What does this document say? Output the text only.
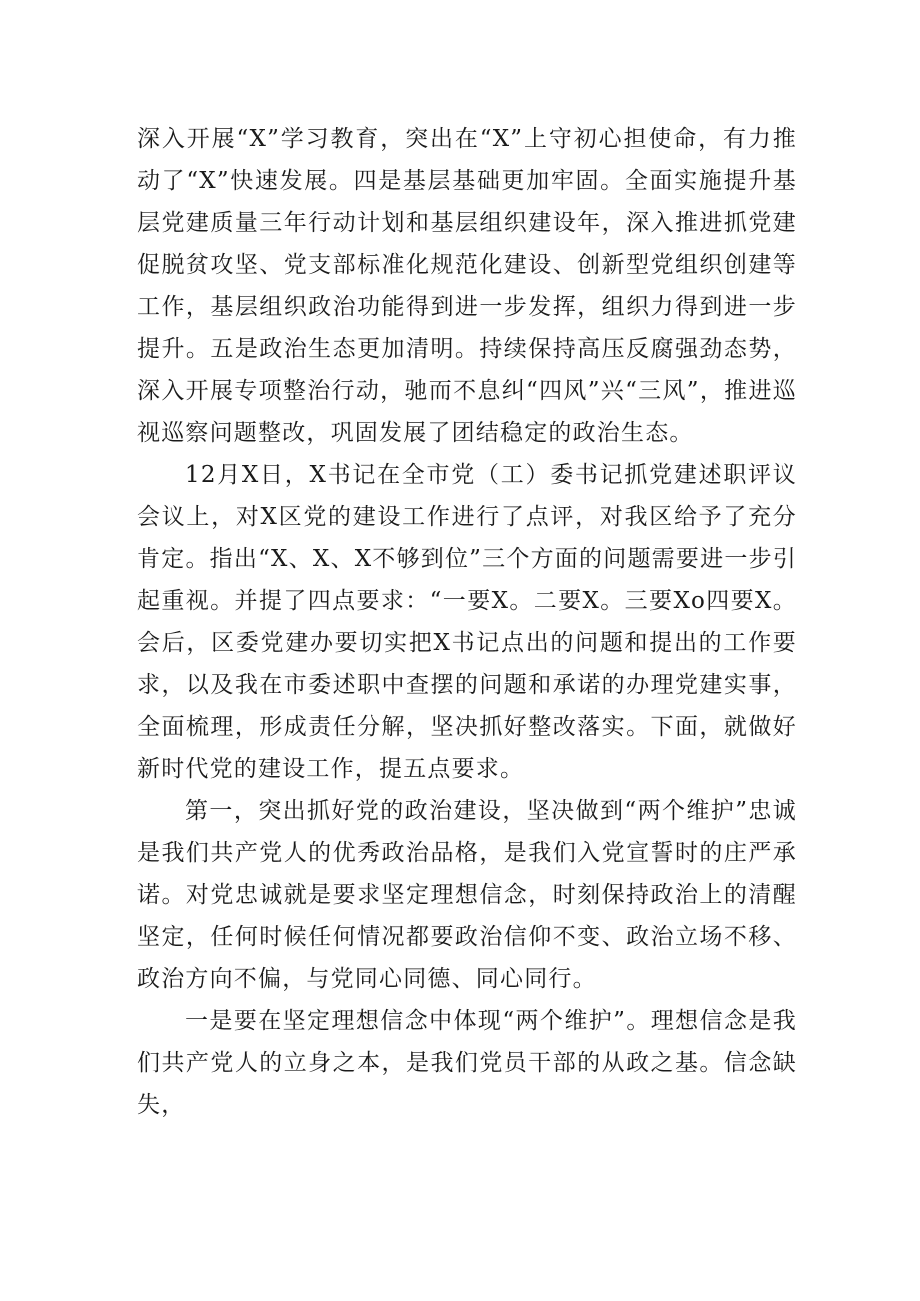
深入开展“X”学习教育，突出在“X”上守初心担使命，有力推动了“X”快速发展。四是基层基础更加牢固。全面实施提升基层党建质量三年行动计划和基层组织建设年，深入推进抓党建促脱贫攻坚、党支部标准化规范化建设、创新型党组织创建等工作，基层组织政治功能得到进一步发挥，组织力得到进一步提升。五是政治生态更加清明。持续保持高压反腐强劲态势，深入开展专项整治行动，驰而不息纠“四风”兴“三风”，推进巡视巡察问题整改，巩固发展了团结稳定的政治生态。

12月X日，X书记在全市党（工）委书记抓党建述职评议会议上，对X区党的建设工作进行了点评，对我区给予了充分肯定。指出“X、X、X不够到位”三个方面的问题需要进一步引起重视。并提了四点要求：“一要X。二要X。三要Xo四要X。会后，区委党建办要切实把X书记点出的问题和提出的工作要求，以及我在市委述职中查摆的问题和承诺的办理党建实事，全面梳理，形成责任分解，坚决抓好整改落实。下面，就做好新时代党的建设工作，提五点要求。

第一，突出抓好党的政治建设，坚决做到“两个维护”忠诚是我们共产党人的优秀政治品格，是我们入党宣誓时的庄严承诺。对党忠诚就是要求坚定理想信念，时刻保持政治上的清醒坚定，任何时候任何情况都要政治信仰不变、政治立场不移、政治方向不偏，与党同心同德、同心同行。

一是要在坚定理想信念中体现“两个维护”。理想信念是我们共产党人的立身之本，是我们党员干部的从政之基。信念缺失，
